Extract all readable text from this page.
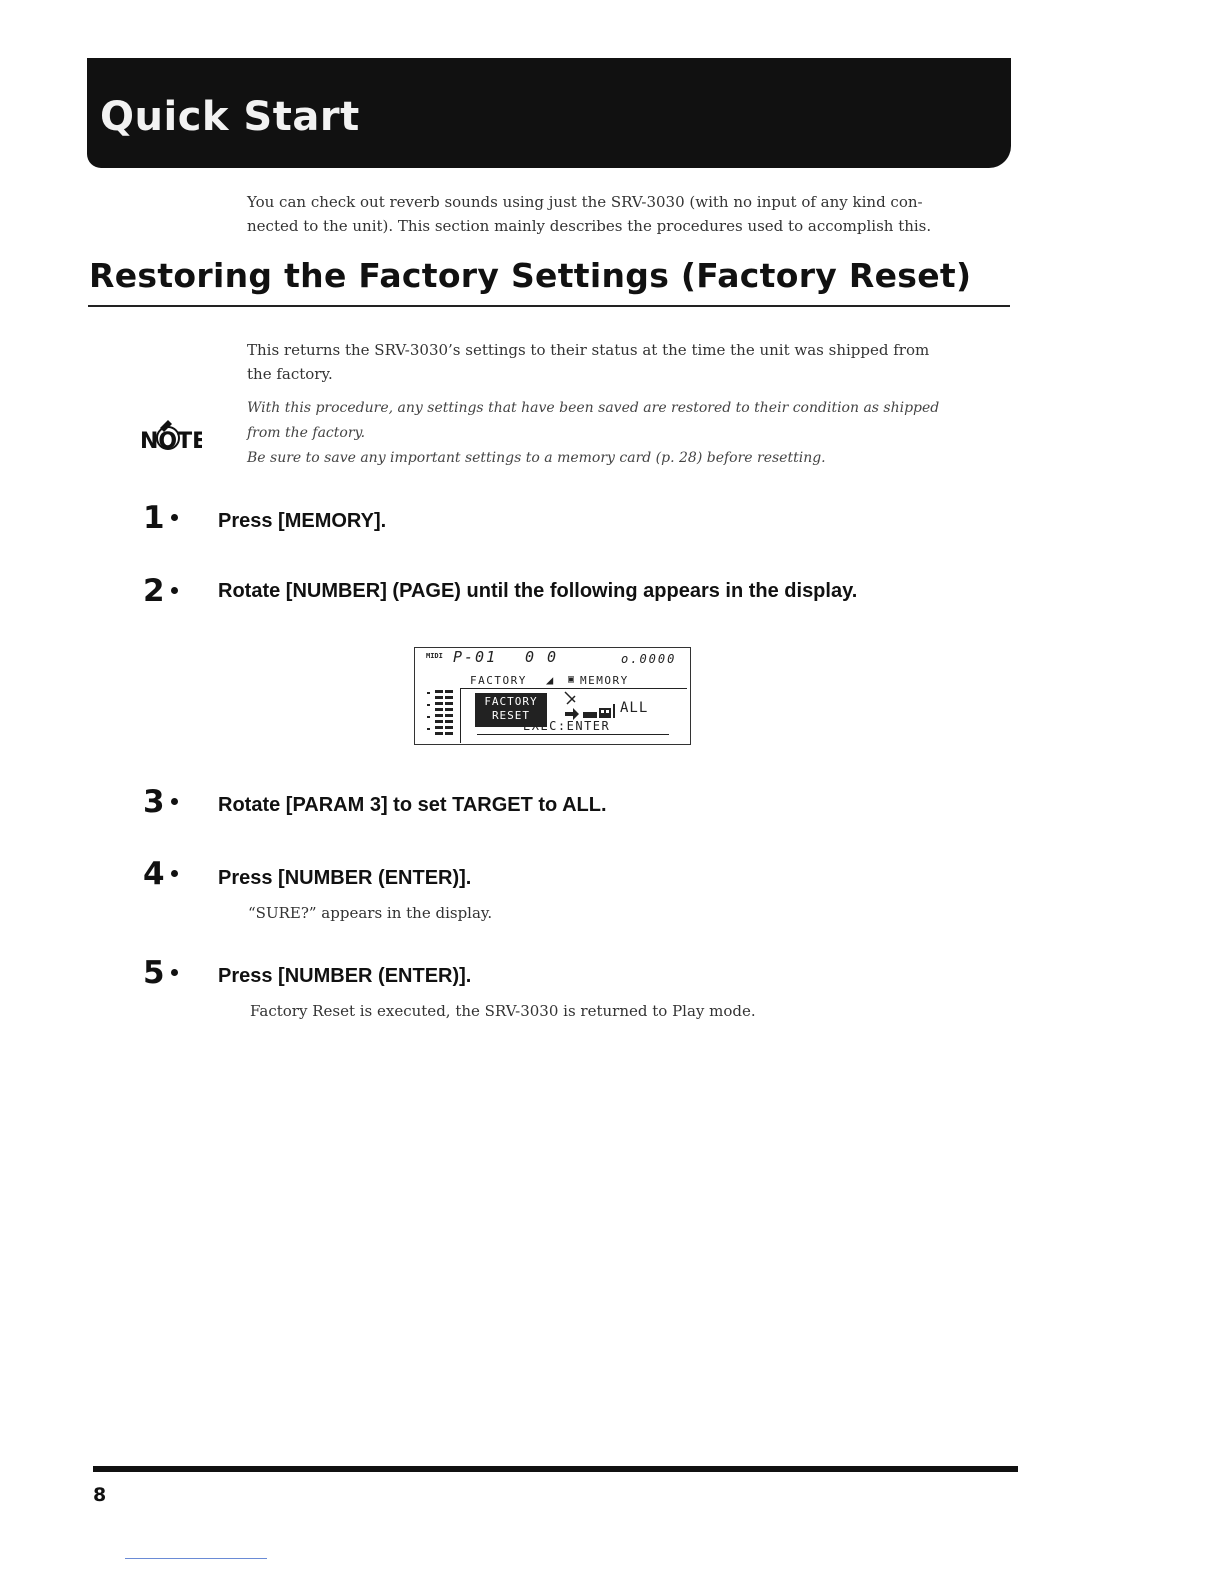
Quick Start
You can check out reverb sounds using just the SRV-3030 (with no input of any kind con-
nected to the unit). This section mainly describes the procedures used to accomplish this.
Restoring the Factory Settings (Factory Reset)
This returns the SRV-3030’s settings to their status at the time the unit was shipped from
the factory.
NOTE
With this procedure, any settings that have been saved are restored to their condition as shipped
from the factory.
Be sure to save any important settings to a memory card (p. 28) before resetting.
1	Press [MEMORY].
2	Rotate [NUMBER] (PAGE) until the following appears in the display.
MIDI P-01 0 0	o.0000
FACTORY ◢ ▣ MEMORY
FACTORY
RESET	ALL
EXEC:ENTER
3	Rotate [PARAM 3] to set TARGET to ALL.
4	Press [NUMBER (ENTER)].
“SURE?” appears in the display.
5	Press [NUMBER (ENTER)].
Factory Reset is executed, the SRV-3030 is returned to Play mode.
8
